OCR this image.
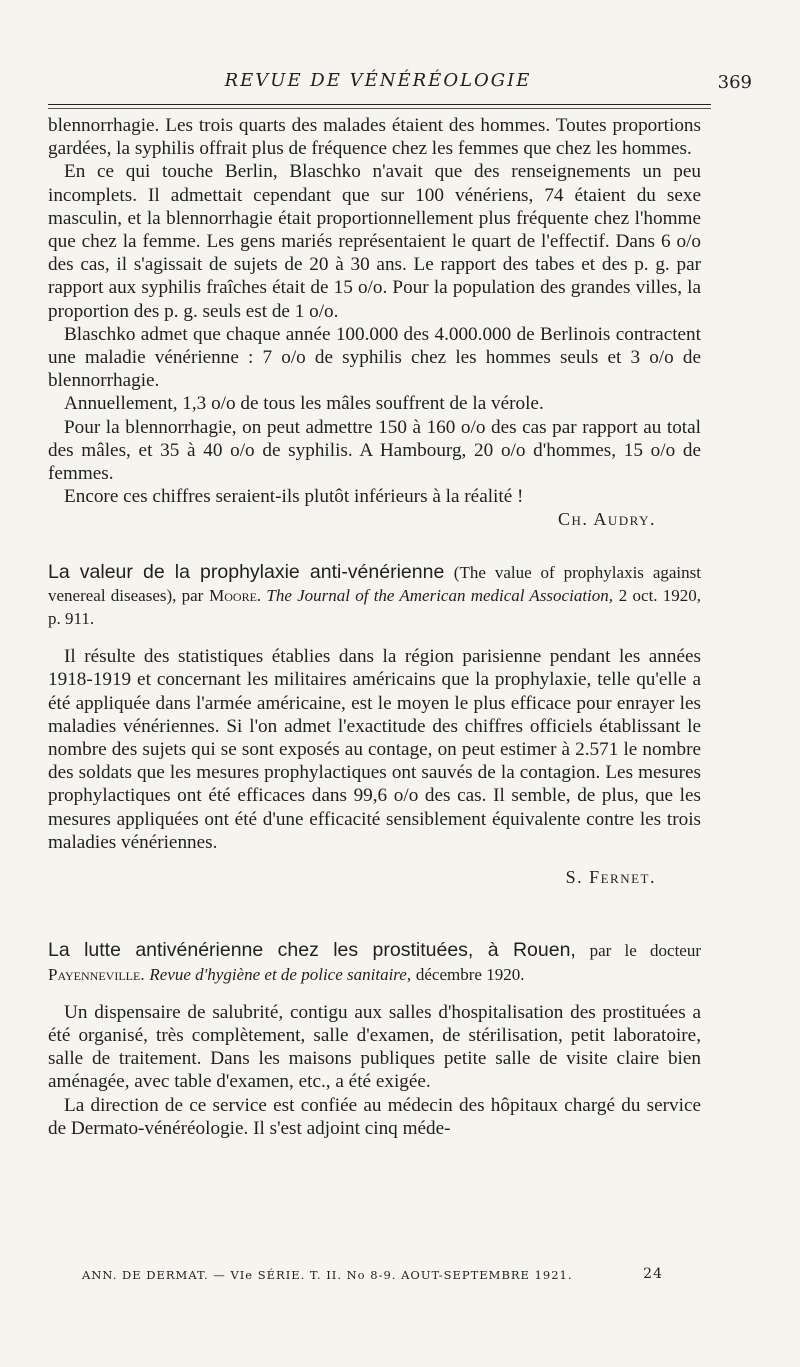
REVUE DE VÉNÉRÉOLOGIE	369

blennorrhagie. Les trois quarts des malades étaient des hommes. Toutes proportions gardées, la syphilis offrait plus de fréquence chez les femmes que chez les hommes.

En ce qui touche Berlin, Blaschko n'avait que des renseignements un peu incomplets. Il admettait cependant que sur 100 vénériens, 74 étaient du sexe masculin, et la blennorrhagie était proportionnellement plus fréquente chez l'homme que chez la femme. Les gens mariés représentaient le quart de l'effectif. Dans 6 o/o des cas, il s'agissait de sujets de 20 à 30 ans. Le rapport des tabes et des p. g. par rapport aux syphilis fraîches était de 15 o/o. Pour la population des grandes villes, la proportion des p. g. seuls est de 1 o/o.

Blaschko admet que chaque année 100.000 des 4.000.000 de Berlinois contractent une maladie vénérienne : 7 o/o de syphilis chez les hommes seuls et 3 o/o de blennorrhagie.

Annuellement, 1,3 o/o de tous les mâles souffrent de la vérole.

Pour la blennorrhagie, on peut admettre 150 à 160 o/o des cas par rapport au total des mâles, et 35 à 40 o/o de syphilis. A Hambourg, 20 o/o d'hommes, 15 o/o de femmes.

Encore ces chiffres seraient-ils plutôt inférieurs à la réalité !

Ch. Audry.

La valeur de la prophylaxie anti-vénérienne (The value of prophylaxis against venereal diseases), par Moore. The Journal of the American medical Association, 2 oct. 1920, p. 911.

Il résulte des statistiques établies dans la région parisienne pendant les années 1918-1919 et concernant les militaires américains que la prophylaxie, telle qu'elle a été appliquée dans l'armée américaine, est le moyen le plus efficace pour enrayer les maladies vénériennes. Si l'on admet l'exactitude des chiffres officiels établissant le nombre des sujets qui se sont exposés au contage, on peut estimer à 2.571 le nombre des soldats que les mesures prophylactiques ont sauvés de la contagion. Les mesures prophylactiques ont été efficaces dans 99,6 o/o des cas. Il semble, de plus, que les mesures appliquées ont été d'une efficacité sensiblement équivalente contre les trois maladies vénériennes.

S. Fernet.

La lutte antivénérienne chez les prostituées, à Rouen, par le docteur Payenneville. Revue d'hygiène et de police sanitaire, décembre 1920.

Un dispensaire de salubrité, contigu aux salles d'hospitalisation des prostituées a été organisé, très complètement, salle d'examen, de stérilisation, petit laboratoire, salle de traitement. Dans les maisons publiques petite salle de visite claire bien aménagée, avec table d'examen, etc., a été exigée.

La direction de ce service est confiée au médecin des hôpitaux chargé du service de Dermato-vénéréologie. Il s'est adjoint cinq méde-

ANN. DE DERMAT. — VIe SÉRIE. T. II. No 8-9. AOUT-SEPTEMBRE 1921.	24
